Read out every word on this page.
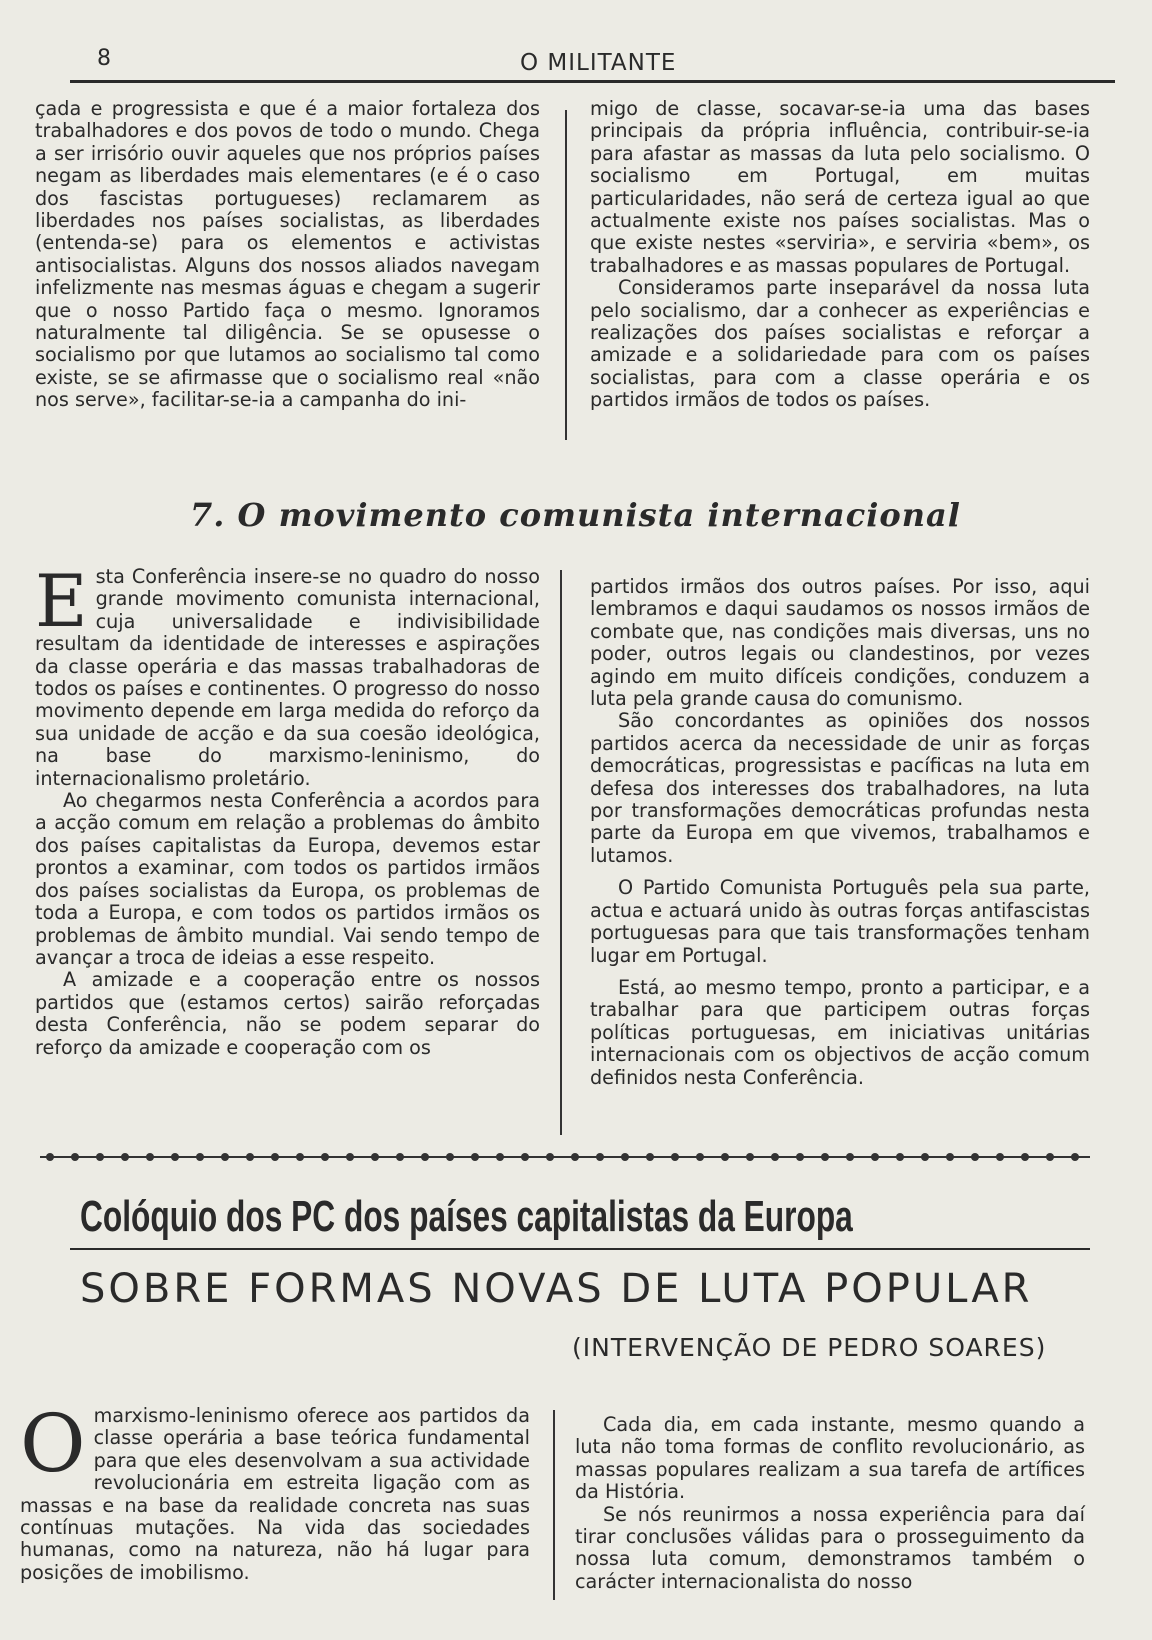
8	O MILITANTE

çada e progressista e que é a maior fortaleza dos trabalhadores e dos povos de todo o mundo. Chega a ser irrisório ouvir aqueles que nos próprios países negam as liberdades mais elementares (e é o caso dos fascistas portugueses) reclamarem as liberdades nos países socialistas, as liberdades (entenda-se) para os elementos e activistas antisocialistas. Alguns dos nossos aliados navegam infelizmente nas mesmas águas e chegam a sugerir que o nosso Partido faça o mesmo. Ignoramos naturalmente tal diligência. Se se opusesse o socialismo por que lutamos ao socialismo tal como existe, se se afirmasse que o socialismo real «não nos serve», facilitar-se-ia a campanha do ini-

migo de classe, socavar-se-ia uma das bases principais da própria influência, contribuir-se-ia para afastar as massas da luta pelo socialismo. O socialismo em Portugal, em muitas particularidades, não será de certeza igual ao que actualmente existe nos países socialistas. Mas o que existe nestes «serviria», e serviria «bem», os trabalhadores e as massas populares de Portugal.

Consideramos parte inseparável da nossa luta pelo socialismo, dar a conhecer as experiências e realizações dos países socialistas e reforçar a amizade e a solidariedade para com os países socialistas, para com a classe operária e os partidos irmãos de todos os países.

7. O movimento comunista internacional

Esta Conferência insere-se no quadro do nosso grande movimento comunista internacional, cuja universalidade e indivisibilidade resultam da identidade de interesses e aspirações da classe operária e das massas trabalhadoras de todos os países e continentes. O progresso do nosso movimento depende em larga medida do reforço da sua unidade de acção e da sua coesão ideológica, na base do marxismo-leninismo, do internacionalismo proletário.

Ao chegarmos nesta Conferência a acordos para a acção comum em relação a problemas do âmbito dos países capitalistas da Europa, devemos estar prontos a examinar, com todos os partidos irmãos dos países socialistas da Europa, os problemas de toda a Europa, e com todos os partidos irmãos os problemas de âmbito mundial. Vai sendo tempo de avançar a troca de ideias a esse respeito.

A amizade e a cooperação entre os nossos partidos que (estamos certos) sairão reforçadas desta Conferência, não se podem separar do reforço da amizade e cooperação com os

partidos irmãos dos outros países. Por isso, aqui lembramos e daqui saudamos os nossos irmãos de combate que, nas condições mais diversas, uns no poder, outros legais ou clandestinos, por vezes agindo em muito difíceis condições, conduzem a luta pela grande causa do comunismo.

São concordantes as opiniões dos nossos partidos acerca da necessidade de unir as forças democráticas, progressistas e pacíficas na luta em defesa dos interesses dos trabalhadores, na luta por transformações democráticas profundas nesta parte da Europa em que vivemos, trabalhamos e lutamos.

O Partido Comunista Português pela sua parte, actua e actuará unido às outras forças antifascistas portuguesas para que tais transformações tenham lugar em Portugal.

Está, ao mesmo tempo, pronto a participar, e a trabalhar para que participem outras forças políticas portuguesas, em iniciativas unitárias internacionais com os objectivos de acção comum definidos nesta Conferência.

Colóquio dos PC dos países capitalistas da Europa
SOBRE FORMAS NOVAS DE LUTA POPULAR
(INTERVENÇÃO DE PEDRO SOARES)

O marxismo-leninismo oferece aos partidos da classe operária a base teórica fundamental para que eles desenvolvam a sua actividade revolucionária em estreita ligação com as massas e na base da realidade concreta nas suas contínuas mutações. Na vida das sociedades humanas, como na natureza, não há lugar para posições de imobilismo.

Cada dia, em cada instante, mesmo quando a luta não toma formas de conflito revolucionário, as massas populares realizam a sua tarefa de artífices da História.

Se nós reunirmos a nossa experiência para daí tirar conclusões válidas para o prosseguimento da nossa luta comum, demonstramos também o carácter internacionalista do nosso
